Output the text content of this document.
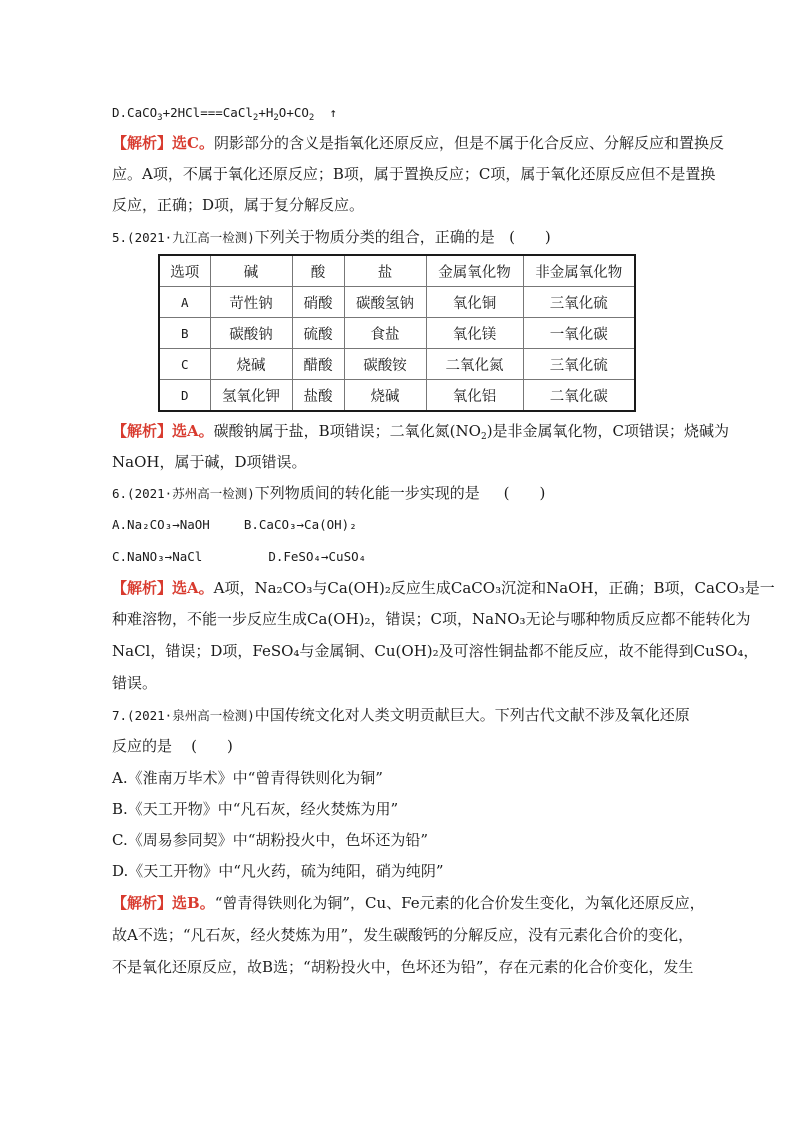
$D.CaCO_3+2HCl===CaCl_2+H_2O+CO_2$ ↑
【解析】选C。阴影部分的含义是指氧化还原反应，但是不属于化合反应、分解反应和置换反
应。A项，不属于氧化还原反应；B项，属于置换反应；C项，属于氧化还原反应但不是置换
反应，正确；D项，属于复分解反应。
5.(2021·九江高一检测)下列关于物质分类的组合，正确的是 (　　)
选项	碱	酸	盐	金属氧化物	非金属氧化物
A	苛性钠	硝酸	碳酸氢钠	氧化铜	三氧化硫
B	碳酸钠	硫酸	食盐	氧化镁	一氧化碳
C	烧碱	醋酸	碳酸铵	二氧化氮	三氧化硫
D	氢氧化钾	盐酸	烧碱	氧化铝	二氧化碳
【解析】选A。碳酸钠属于盐，B项错误；二氧化氮$(NO_2)$是非金属氧化物，C项错误；烧碱为
NaOH，属于碱，D项错误。
6.(2021·苏州高一检测)下列物质间的转化能一步实现的是 (　　)
A.Na₂CO₃→NaOH	B.CaCO₃→Ca(OH)₂
C.NaNO₃→NaCl	D.FeSO₄→CuSO₄
【解析】选A。A项，Na₂CO₃与Ca(OH)₂反应生成CaCO₃沉淀和NaOH，正确；B项，CaCO₃是一
种难溶物，不能一步反应生成Ca(OH)₂，错误；C项，NaNO₃无论与哪种物质反应都不能转化为
NaCl，错误；D项，FeSO₄与金属铜、Cu(OH)₂及可溶性铜盐都不能反应，故不能得到CuSO₄，
错误。
7.(2021·泉州高一检测)中国传统文化对人类文明贡献巨大。下列古代文献不涉及氧化还原
反应的是 (　　)
A.《淮南万毕术》中“曾青得铁则化为铜”
B.《天工开物》中“凡石灰，经火焚炼为用”
C.《周易参同契》中“胡粉投火中，色坏还为铅”
D.《天工开物》中“凡火药，硫为纯阳，硝为纯阴”
【解析】选B。“曾青得铁则化为铜”，Cu、Fe元素的化合价发生变化，为氧化还原反应，
故A不选；“凡石灰，经火焚炼为用”，发生碳酸钙的分解反应，没有元素化合价的变化，
不是氧化还原反应，故B选；“胡粉投火中，色坏还为铅”，存在元素的化合价变化，发生
